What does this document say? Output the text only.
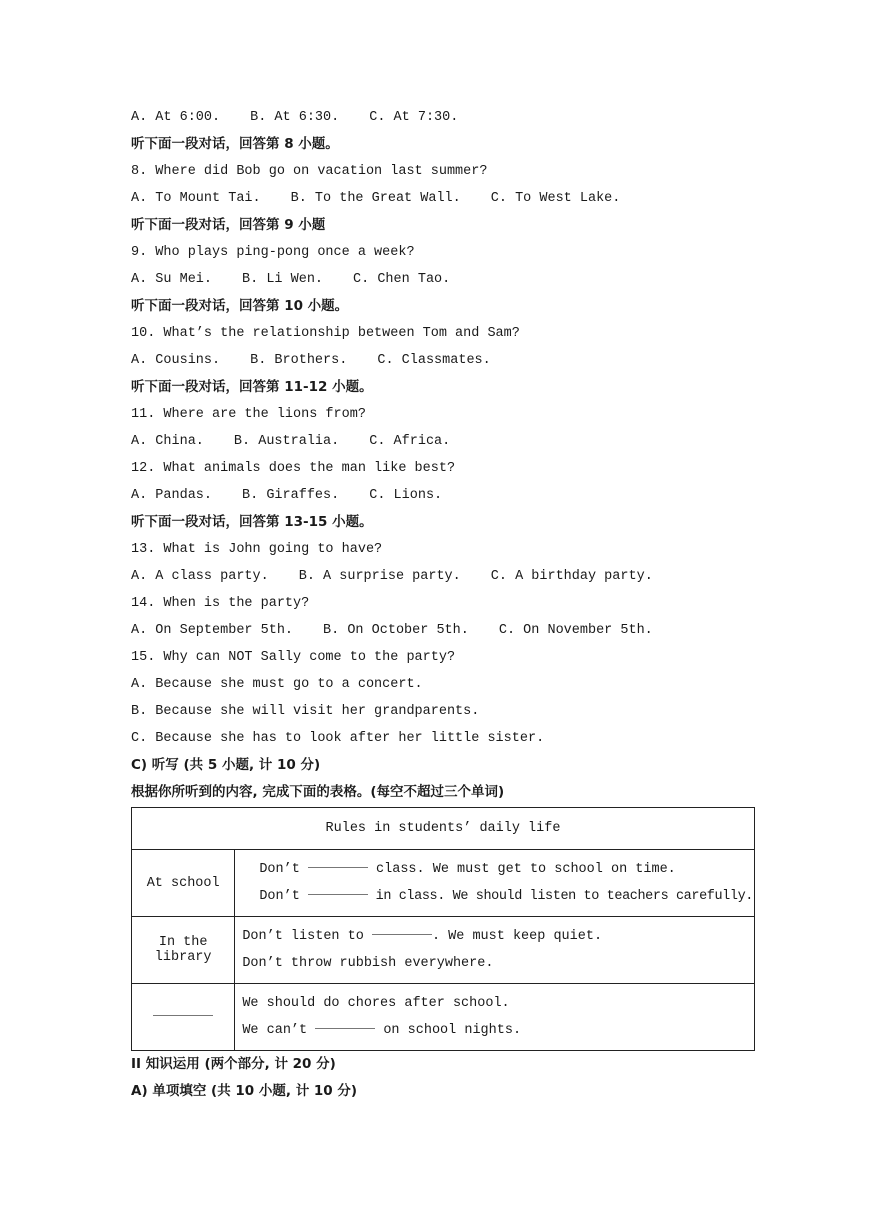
A. At 6:00. B. At 6:30. C. At 7:30.
听下面一段对话，回答第 8 小题。
8. Where did Bob go on vacation last summer?
A. To Mount Tai. B. To the Great Wall. C. To West Lake.
听下面一段对话，回答第 9 小题
9. Who plays ping-pong once a week?
A. Su Mei. B. Li Wen. C. Chen Tao.
听下面一段对话，回答第 10 小题。
10. What’s the relationship between Tom and Sam?
A. Cousins. B. Brothers. C. Classmates.
听下面一段对话，回答第 11-12 小题。
11. Where are the lions from?
A. China. B. Australia. C. Africa.
12. What animals does the man like best?
A. Pandas. B. Giraffes. C. Lions.
听下面一段对话，回答第 13-15 小题。
13. What is John going to have?
A. A class party. B. A surprise party. C. A birthday party.
14. When is the party?
A. On September 5th. B. On October 5th. C. On November 5th.
15. Why can NOT Sally come to the party?
A. Because she must go to a concert.
B. Because she will visit her grandparents.
C. Because she has to look after her little sister.
C) 听写 (共 5 小题, 计 10 分)
根据你所听到的内容, 完成下面的表格。(每空不超过三个单词)
Rules in students’ daily life	
At school	Don’t class. We must get to school on time.
Don’t in class. We should listen to teachers carefully.

In the library	Don’t listen to . We must keep quiet.
Don’t throw rubbish everywhere.

	We should do chores after school.
We can’t on school nights.
II 知识运用 (两个部分, 计 20 分)
A) 单项填空 (共 10 小题, 计 10 分)
